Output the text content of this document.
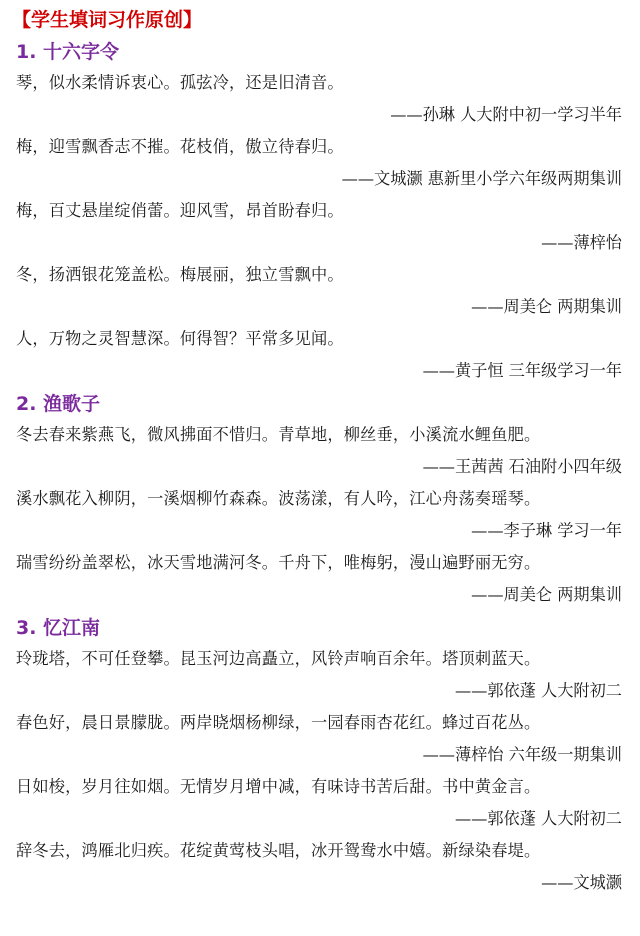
【学生填词习作原创】
1. 十六字令
琴，似水柔情诉衷心。孤弦冷，还是旧清音。
——孙琳 人大附中初一学习半年
梅，迎雪飘香志不摧。花枝俏，傲立待春归。
——文城灏 惠新里小学六年级两期集训
梅，百丈悬崖绽俏蕾。迎风雪，昂首盼春归。
——薄梓怡
冬，扬洒银花笼盖松。梅展丽，独立雪飘中。
——周美仑 两期集训
人，万物之灵智慧深。何得智？平常多见闻。
——黄子恒 三年级学习一年
2. 渔歌子
冬去春来紫燕飞，微风拂面不惜归。青草地，柳丝垂，小溪流水鲤鱼肥。
——王茜茜 石油附小四年级
溪水飘花入柳阴，一溪烟柳竹森森。波荡漾，有人吟，江心舟荡奏瑶琴。
——李子琳 学习一年
瑞雪纷纷盖翠松，冰天雪地满河冬。千舟下，唯梅躬，漫山遍野丽无穷。
——周美仑 两期集训
3. 忆江南
玲珑塔，不可任登攀。昆玉河边高矗立，风铃声响百余年。塔顶刺蓝天。
——郭依蓬 人大附初二
春色好，晨日景朦胧。两岸晓烟杨柳绿，一园春雨杏花红。蜂过百花丛。
——薄梓怡 六年级一期集训
日如梭，岁月往如烟。无情岁月增中减，有味诗书苦后甜。书中黄金言。
——郭依蓬 人大附初二
辞冬去，鸿雁北归疾。花绽黄莺枝头唱，冰开鸳鸯水中嬉。新绿染春堤。
——文城灏
